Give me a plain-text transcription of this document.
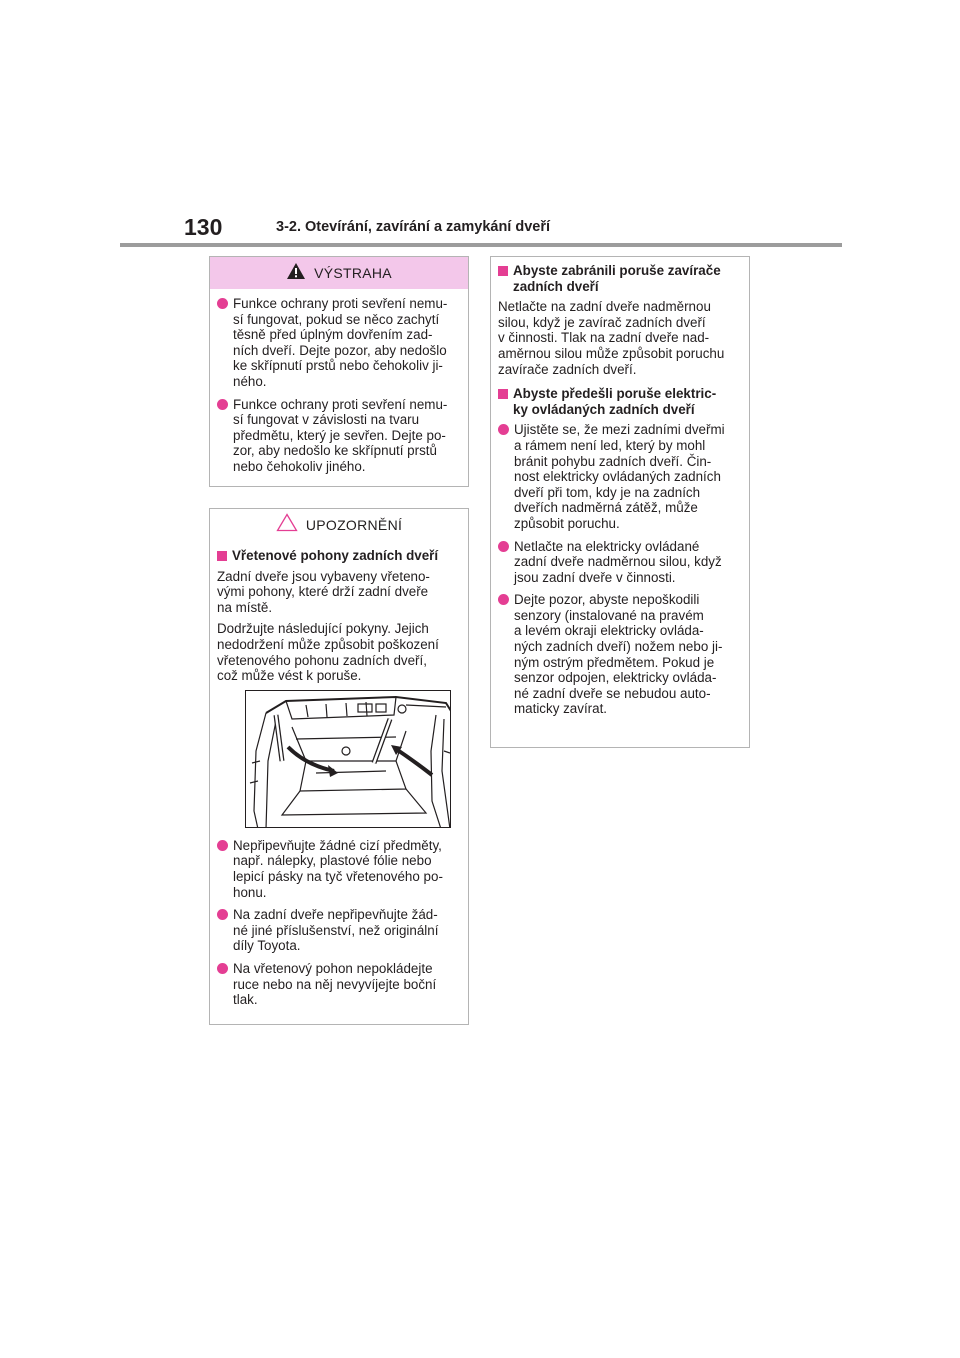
130	3-2. Otevírání, zavírání a zamykání dveří
VÝSTRAHA
Funkce ochrany proti sevření nemu-
sí fungovat, pokud se něco zachytí
těsně před úplným dovřením zad-
ních dveří. Dejte pozor, aby nedošlo
ke skřípnutí prstů nebo čehokoliv ji-
ného.
Funkce ochrany proti sevření nemu-
sí fungovat v závislosti na tvaru
předmětu, který je sevřen. Dejte po-
zor, aby nedošlo ke skřípnutí prstů
nebo čehokoliv jiného.
UPOZORNĚNÍ
Vřetenové pohony zadních dveří
Zadní dveře jsou vybaveny vřeteno-
vými pohony, které drží zadní dveře
na místě.
Dodržujte následující pokyny. Jejich
nedodržení může způsobit poškození
vřetenového pohonu zadních dveří,
což může vést k poruše.
Nepřipevňujte žádné cizí předměty,
např. nálepky, plastové fólie nebo
lepicí pásky na tyč vřetenového po-
honu.
Na zadní dveře nepřipevňujte žád-
né jiné příslušenství, než originální
díly Toyota.
Na vřetenový pohon nepokládejte
ruce nebo na něj nevyvíjejte boční
tlak.
Abyste zabránili poruše zavírače
zadních dveří
Netlačte na zadní dveře nadměrnou
silou, když je zavírač zadních dveří
v činnosti. Tlak na zadní dveře nad-
aměrnou silou může způsobit poruchu
zavírače zadních dveří.
Abyste předešli poruše elektric-
ky ovládaných zadních dveří
Ujistěte se, že mezi zadními dveřmi
a rámem není led, který by mohl
bránit pohybu zadních dveří. Čin-
nost elektricky ovládaných zadních
dveří při tom, kdy je na zadních
dveřích nadměrná zátěž, může
způsobit poruchu.
Netlačte na elektricky ovládané
zadní dveře nadměrnou silou, když
jsou zadní dveře v činnosti.
Dejte pozor, abyste nepoškodili
senzory (instalované na pravém
a levém okraji elektricky ovláda-
ných zadních dveří) nožem nebo ji-
ným ostrým předmětem. Pokud je
senzor odpojen, elektricky ovláda-
né zadní dveře se nebudou auto-
maticky zavírat.
